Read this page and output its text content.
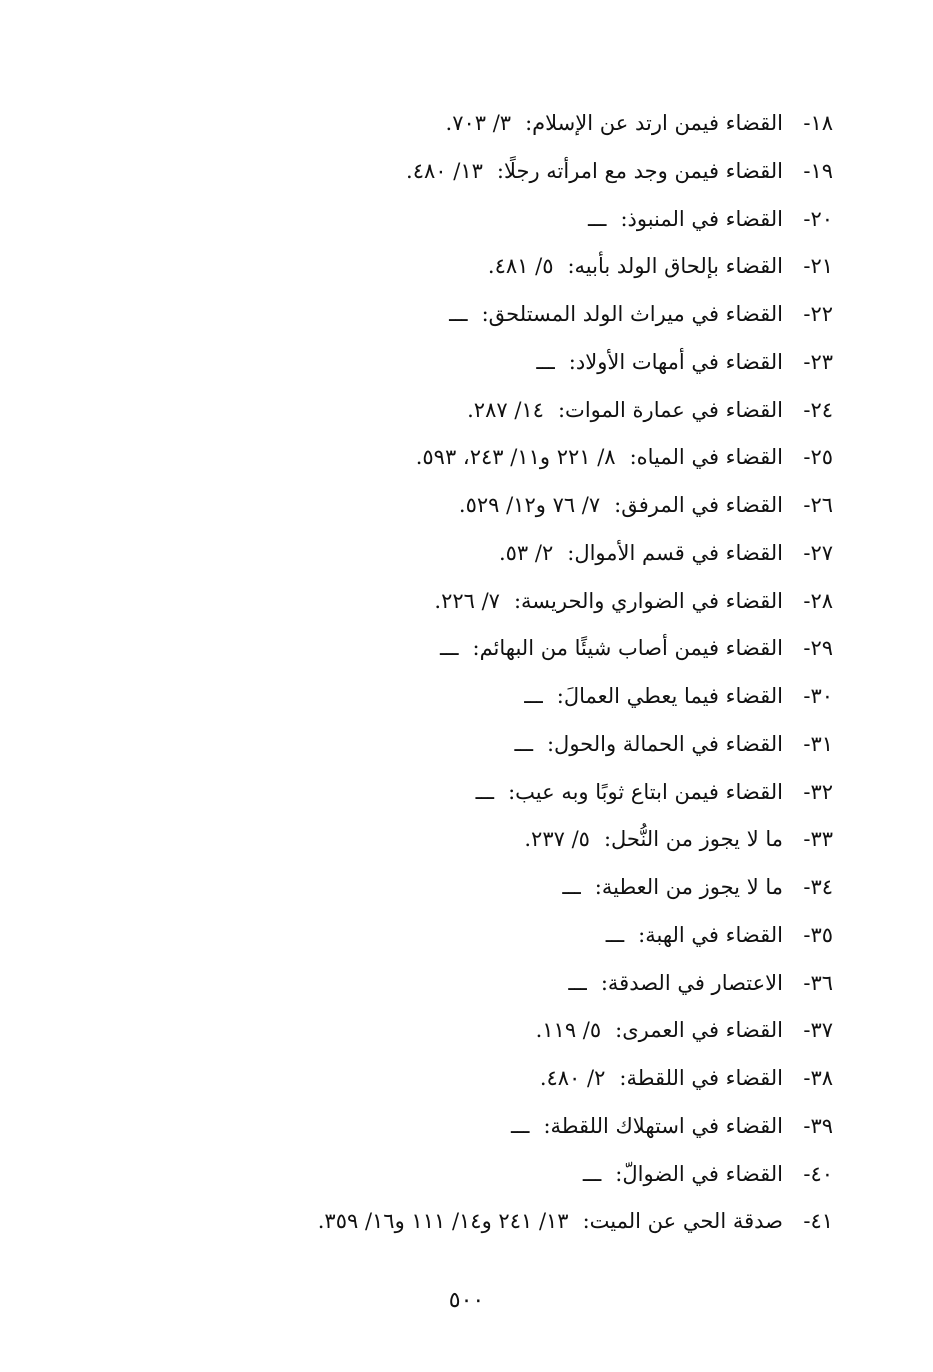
١٨-القضاء فيمن ارتد عن الإسلام:٣/ ٧٠٣.
١٩-القضاء فيمن وجد مع امرأته رجلًا:١٣/ ٤٨٠.
٢٠-القضاء في المنبوذ:ـــ
٢١-القضاء بإلحاق الولد بأبيه:٥/ ٤٨١.
٢٢-القضاء في ميراث الولد المستلحق:ـــ
٢٣-القضاء في أمهات الأولاد:ـــ
٢٤-القضاء في عمارة الموات:١٤/ ٢٨٧.
٢٥-القضاء في المياه:٨/ ٢٢١ و١١/ ٢٤٣، ٥٩٣.
٢٦-القضاء في المرفق:٧/ ٧٦ و١٢/ ٥٢٩.
٢٧-القضاء في قسم الأموال:٢/ ٥٣.
٢٨-القضاء في الضواري والحريسة:٧/ ٢٢٦.
٢٩-القضاء فيمن أصاب شيئًا من البهائم:ـــ
٣٠-القضاء فيما يعطي العمالَ:ـــ
٣١-القضاء في الحمالة والحول:ـــ
٣٢-القضاء فيمن ابتاع ثوبًا وبه عيب:ـــ
٣٣-ما لا يجوز من النُّحل:٥/ ٢٣٧.
٣٤-ما لا يجوز من العطية:ـــ
٣٥-القضاء في الهبة:ـــ
٣٦-الاعتصار في الصدقة:ـــ
٣٧-القضاء في العمرى:٥/ ١١٩.
٣٨-القضاء في اللقطة:٢/ ٤٨٠.
٣٩-القضاء في استهلاك اللقطة:ـــ
٤٠-القضاء في الضوالّ:ـــ
٤١-صدقة الحي عن الميت:١٣/ ٢٤١ و١٤/ ١١١ و١٦/ ٣٥٩.
٥٠٠
